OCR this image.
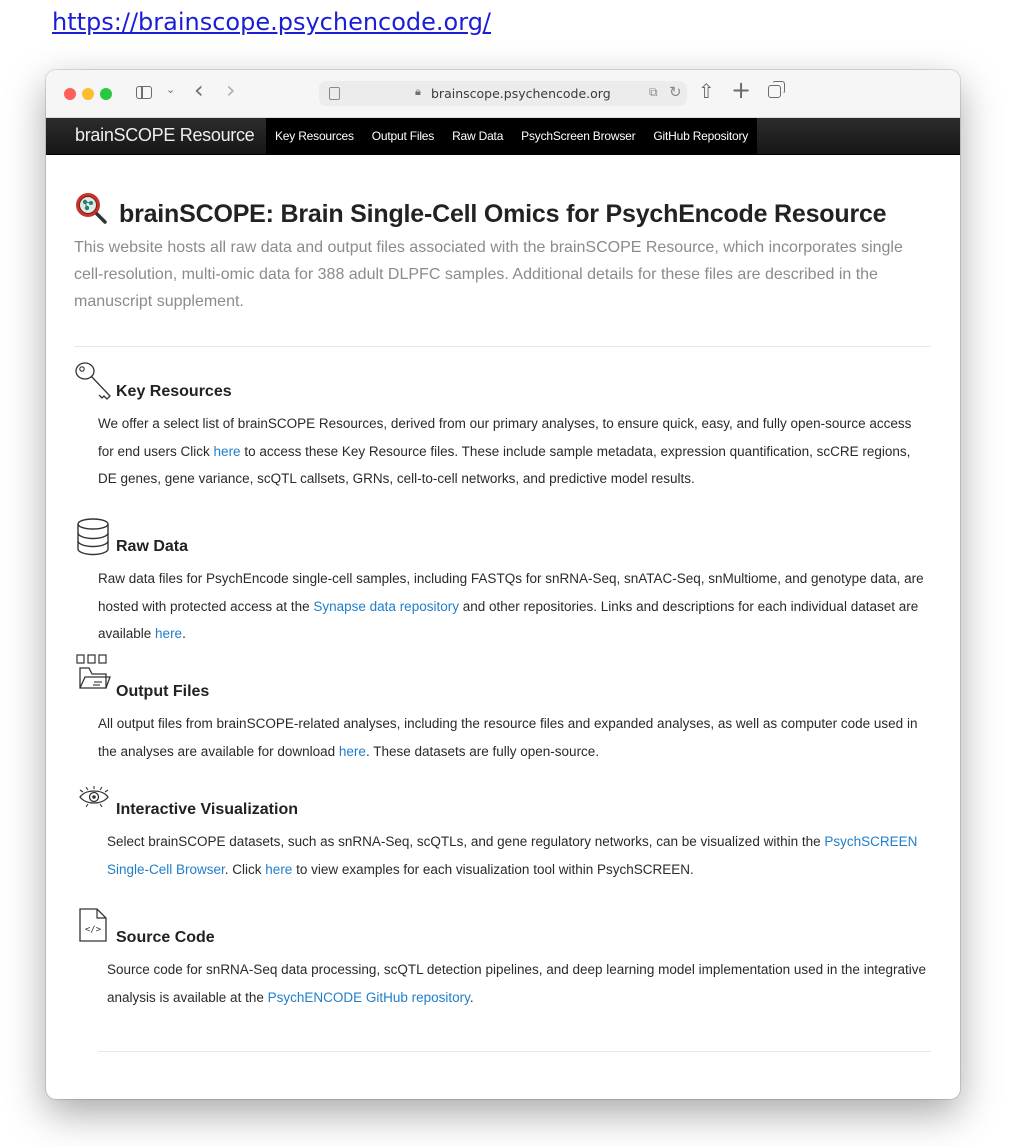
https://brainscope.psychencode.org/
⌄ ‹ ›	🔒︎ brainscope.psychencode.org	⧉ ↻ ⇧ +
brainSCOPE Resource	Key Resources	Output Files	Raw Data	PsychScreen Browser	GitHub Repository
brainSCOPE: Brain Single-Cell Omics for PsychEncode Resource

This website hosts all raw data and output files associated with the brainSCOPE Resource, which incorporates single cell-resolution, multi-omic data for 388 adult DLPFC samples. Additional details for these files are described in the manuscript supplement.

Key Resources

We offer a select list of brainSCOPE Resources, derived from our primary analyses, to ensure quick, easy, and fully open-source access for end users Click here to access these Key Resource files. These include sample metadata, expression quantification, scCRE regions, DE genes, gene variance, scQTL callsets, GRNs, cell-to-cell networks, and predictive model results.

Raw Data

Raw data files for PsychEncode single-cell samples, including FASTQs for snRNA-Seq, snATAC-Seq, snMultiome, and genotype data, are hosted with protected access at the Synapse data repository and other repositories. Links and descriptions for each individual dataset are available here.

Output Files

All output files from brainSCOPE-related analyses, including the resource files and expanded analyses, as well as computer code used in the analyses are available for download here. These datasets are fully open-source.

Interactive Visualization

Select brainSCOPE datasets, such as snRNA-Seq, scQTLs, and gene regulatory networks, can be visualized within the PsychSCREEN Single-Cell Browser. Click here to view examples for each visualization tool within PsychSCREEN.

</> Source Code

Source code for snRNA-Seq data processing, scQTL detection pipelines, and deep learning model implementation used in the integrative analysis is available at the PsychENCODE GitHub repository.
